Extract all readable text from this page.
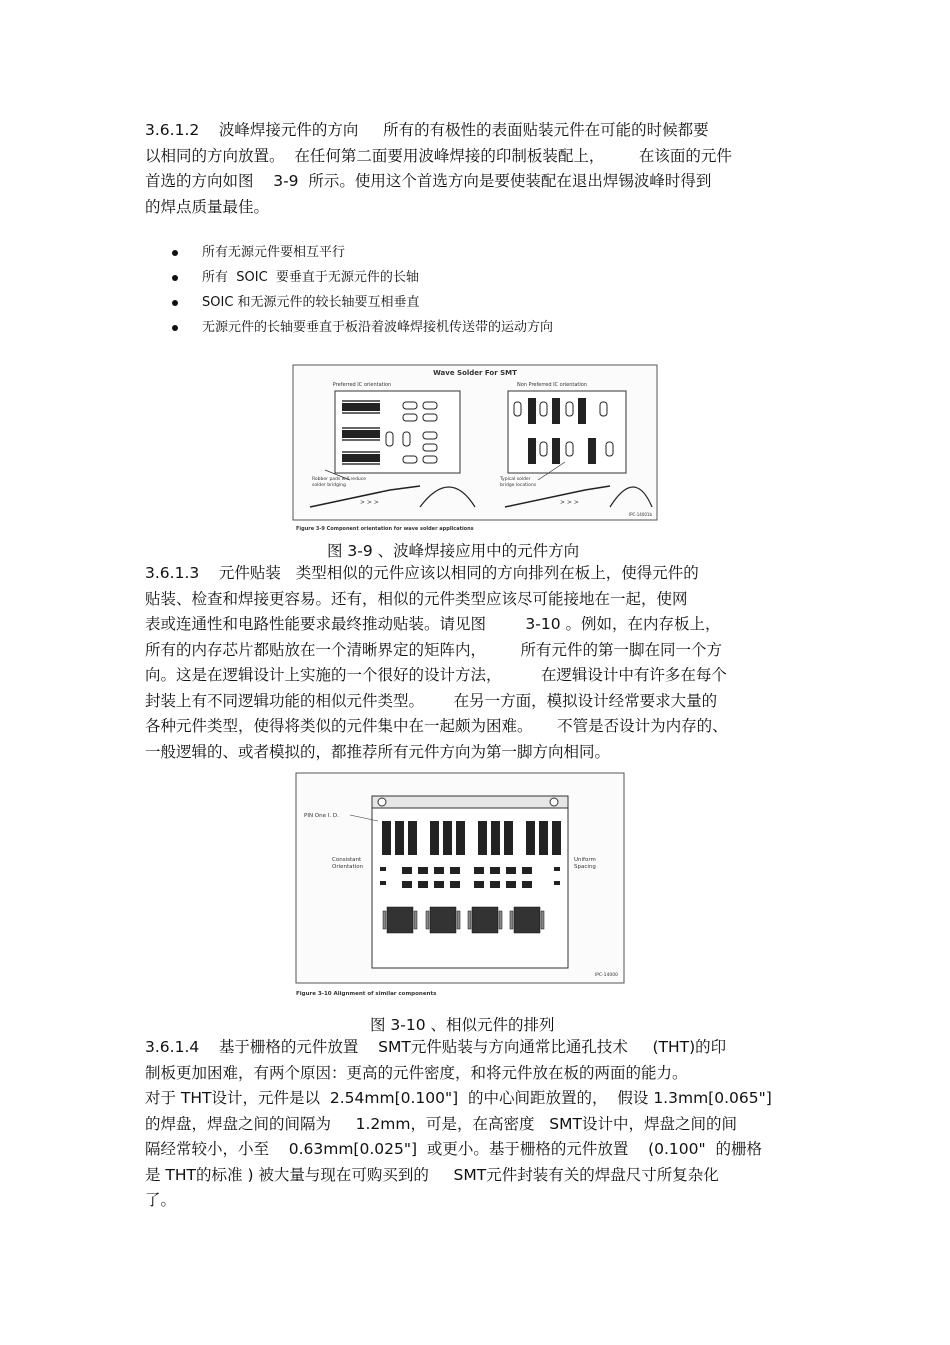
3.6.1.2    波峰焊接元件的方向     所有的有极性的表面贴装元件在可能的时候都要
以相同的方向放置。  在任何第二面要用波峰焊接的印制板装配上，       在该面的元件
首选的方向如图    3-9  所示。使用这个首选方向是要使装配在退出焊锡波峰时得到
的焊点质量最佳。
所有无源元件要相互平行
所有  SOIC  要垂直于无源元件的长轴
SOIC 和无源元件的较长轴要互相垂直
无源元件的长轴要垂直于板沿着波峰焊接机传送带的运动方向
Wave Solder For SMT
Preferred IC orientation	Non Preferred IC orientation
Robber pads will reduce
solder bridging
Typical solder
bridge locations
> > >	> > >
IPC-14001b
Figure 3-9 Component orientation for wave solder applications
图 3-9 、波峰焊接应用中的元件方向
3.6.1.3    元件贴装   类型相似的元件应该以相同的方向排列在板上，使得元件的
贴装、检查和焊接更容易。还有，相似的元件类型应该尽可能接地在一起，使网
表或连通性和电路性能要求最终推动贴装。请见图        3-10 。例如，在内存板上，
所有的内存芯片都贴放在一个清晰界定的矩阵内，       所有元件的第一脚在同一个方
向。这是在逻辑设计上实施的一个很好的设计方法，        在逻辑设计中有许多在每个
封装上有不同逻辑功能的相似元件类型。      在另一方面，模拟设计经常要求大量的
各种元件类型，使得将类似的元件集中在一起颇为困难。     不管是否设计为内存的、
一般逻辑的、或者模拟的，都推荐所有元件方向为第一脚方向相同。
PIN One I. D.
Consistant
Orientation
Uniform
Spacing
IPC-14000
Figure 3-10 Alignment of similar components
图 3-10 、相似元件的排列
3.6.1.4    基于栅格的元件放置    SMT元件贴装与方向通常比通孔技术     (THT)的印
制板更加困难，有两个原因：更高的元件密度，和将元件放在板的两面的能力。
对于 THT设计，元件是以  2.54mm[0.100"]  的中心间距放置的，  假设 1.3mm[0.065"]
的焊盘，焊盘之间的间隔为     1.2mm，可是，在高密度   SMT设计中，焊盘之间的间
隔经常较小，小至    0.63mm[0.025"]  或更小。基于栅格的元件放置    (0.100"  的栅格
是 THT的标准 ) 被大量与现在可购买到的     SMT元件封装有关的焊盘尺寸所复杂化
了。
